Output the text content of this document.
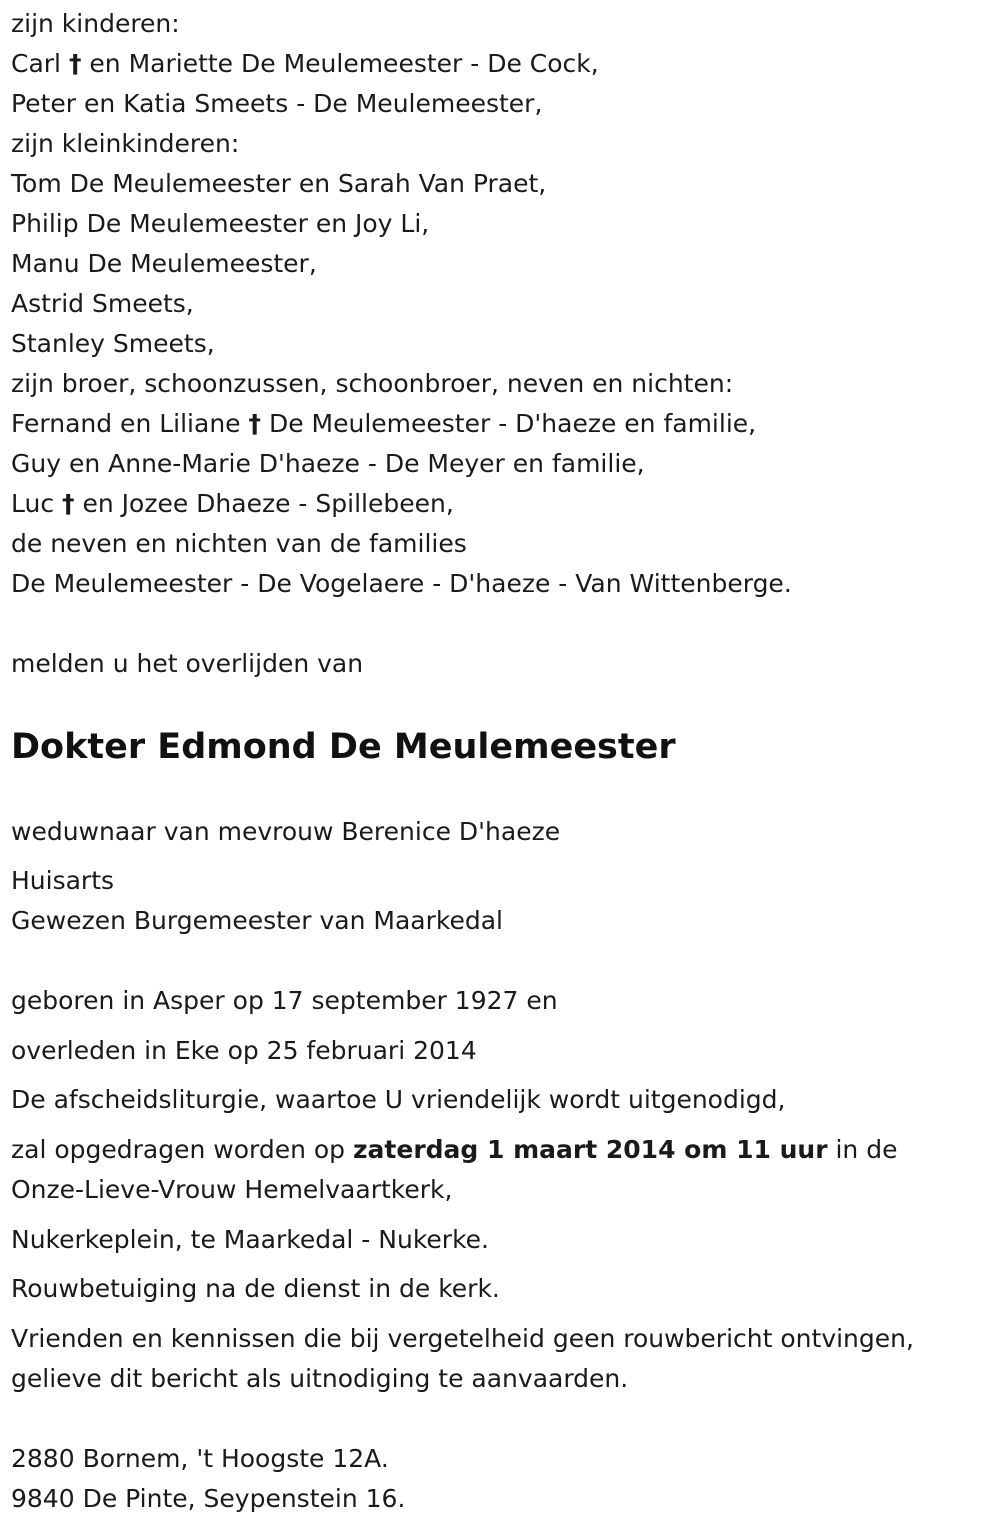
zijn kinderen:
Carl † en Mariette De Meulemeester - De Cock,
Peter en Katia Smeets - De Meulemeester,
zijn kleinkinderen:
Tom De Meulemeester en Sarah Van Praet,
Philip De Meulemeester en Joy Li,
Manu De Meulemeester,
Astrid Smeets,
Stanley Smeets,
zijn broer, schoonzussen, schoonbroer, neven en nichten:
Fernand en Liliane † De Meulemeester - D'haeze en familie,
Guy en Anne-Marie D'haeze - De Meyer en familie,
Luc † en Jozee Dhaeze - Spillebeen,
de neven en nichten van de families
De Meulemeester - De Vogelaere - D'haeze - Van Wittenberge.
melden u het overlijden van
Dokter Edmond De Meulemeester
weduwnaar van mevrouw Berenice D'haeze
Huisarts
Gewezen Burgemeester van Maarkedal
geboren in Asper op 17 september 1927 en
overleden in Eke op 25 februari 2014
De afscheidsliturgie, waartoe U vriendelijk wordt uitgenodigd,
zal opgedragen worden op zaterdag 1 maart 2014 om 11 uur in de
Onze-Lieve-Vrouw Hemelvaartkerk,
Nukerkeplein, te Maarkedal - Nukerke.
Rouwbetuiging na de dienst in de kerk.
Vrienden en kennissen die bij vergetelheid geen rouwbericht ontvingen,
gelieve dit bericht als uitnodiging te aanvaarden.
2880 Bornem, 't Hoogste 12A.
9840 De Pinte, Seypenstein 16.
